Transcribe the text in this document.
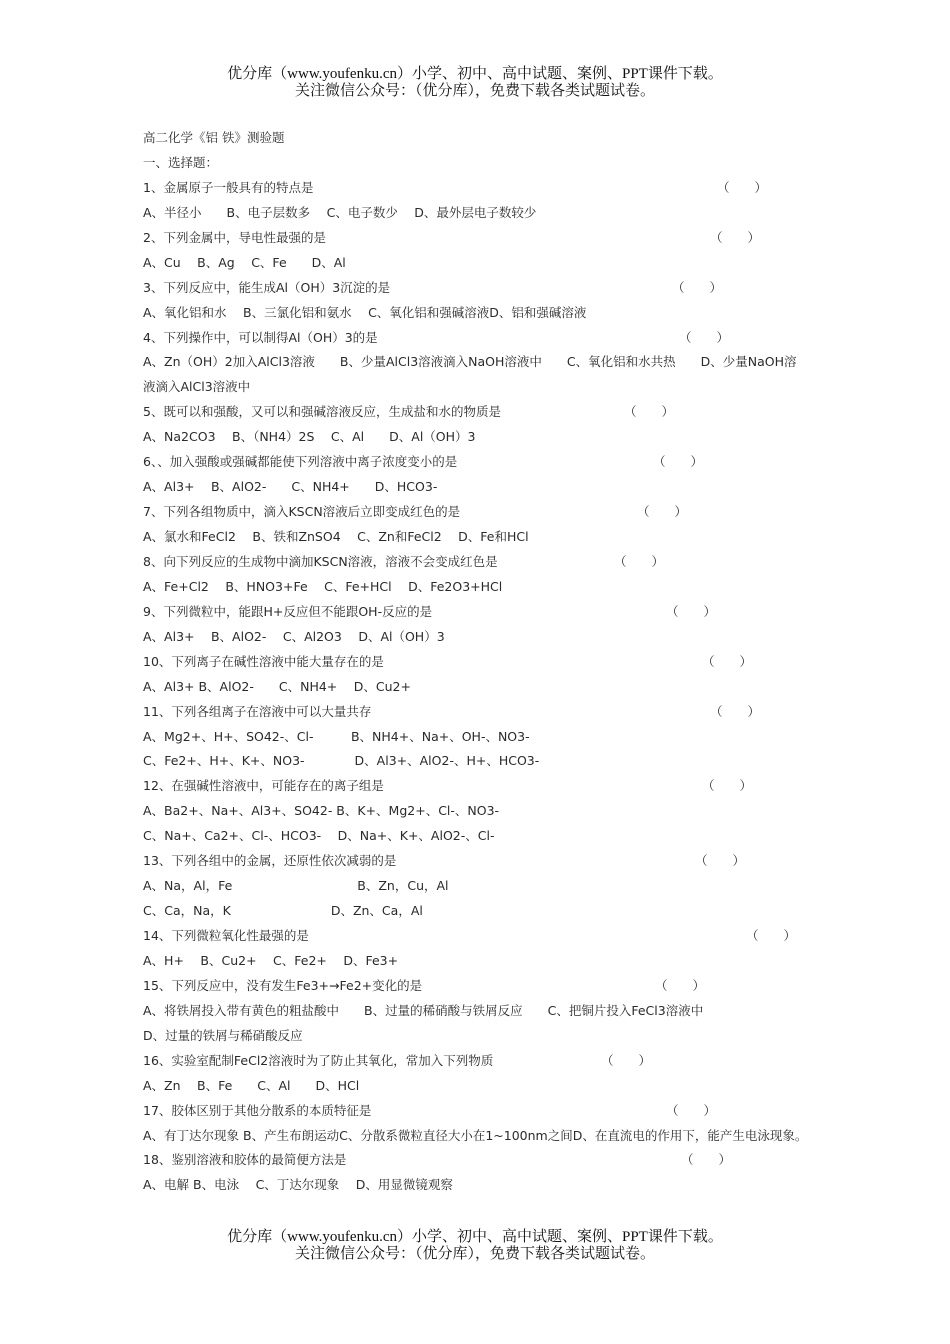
优分库（www.youfenku.cn）小学、初中、高中试题、案例、PPT课件下载。
关注微信公众号：（优分库），免费下载各类试题试卷。
高二化学《铝 铁》测验题
一、选择题：
1、金属原子一般具有的特点是	（　　）
A、半径小　　B、电子层数多　 C、电子数少　 D、最外层电子数较少
2、下列金属中，导电性最强的是	（　　）
A、Cu　 B、Ag　 C、Fe　　D、Al
3、下列反应中，能生成Al（OH）3沉淀的是	（　　）
A、氧化铝和水　 B、三氯化铝和氨水　 C、氧化铝和强碱溶液D、铝和强碱溶液
4、下列操作中，可以制得Al（OH）3的是	（　　）
A、Zn（OH）2加入AlCl3溶液　　B、少量AlCl3溶液滴入NaOH溶液中　　C、氧化铝和水共热　　D、少量NaOH溶液滴入AlCl3溶液中
5、既可以和强酸，又可以和强碱溶液反应，生成盐和水的物质是	（　　）
A、Na2CO3　 B、（NH4）2S　 C、Al　　D、Al（OH）3
6、、加入强酸或强碱都能使下列溶液中离子浓度变小的是	（　　）
A、Al3+　 B、AlO2-　　C、NH4+　　D、HCO3-
7、下列各组物质中，滴入KSCN溶液后立即变成红色的是	（　　）
A、氯水和FeCl2　 B、铁和ZnSO4　 C、Zn和FeCl2　 D、Fe和HCl
8、向下列反应的生成物中滴加KSCN溶液，溶液不会变成红色是	（　　）
A、Fe+Cl2　 B、HNO3+Fe　 C、Fe+HCl　 D、Fe2O3+HCl
9、下列微粒中，能跟H+反应但不能跟OH-反应的是	（　　）
A、Al3+　 B、AlO2-　 C、Al2O3　 D、Al（OH）3
10、下列离子在碱性溶液中能大量存在的是	（　　）
A、Al3+ B、AlO2-　　C、NH4+　 D、Cu2+
11、下列各组离子在溶液中可以大量共存	（　　）
A、Mg2+、H+、SO42-、Cl-　　　B、NH4+、Na+、OH-、NO3-
C、Fe2+、H+、K+、NO3-　　　　D、Al3+、AlO2-、H+、HCO3-
12、在强碱性溶液中，可能存在的离子组是	（　　）
A、Ba2+、Na+、Al3+、SO42- B、K+、Mg2+、Cl-、NO3-
C、Na+、Ca2+、Cl-、HCO3-　 D、Na+、K+、AlO2-、Cl-
13、下列各组中的金属，还原性依次减弱的是	（　　）
A、Na，Al，Fe　　　　　　　　　　B、Zn，Cu，Al
C、Ca，Na，K　　　　　　　　D、Zn、Ca，Al
14、下列微粒氧化性最强的是	（　　）
A、H+　 B、Cu2+　 C、Fe2+　 D、Fe3+
15、下列反应中，没有发生Fe3+→Fe2+变化的是	（　　）
A、将铁屑投入带有黄色的粗盐酸中　　B、过量的稀硝酸与铁屑反应　　C、把铜片投入FeCl3溶液中
D、过量的铁屑与稀硝酸反应
16、实验室配制FeCl2溶液时为了防止其氧化，常加入下列物质	（　　）
A、Zn　 B、Fe　　C、Al　　D、HCl
17、胶体区别于其他分散系的本质特征是	（　　）
A、有丁达尔现象 B、产生布朗运动C、分散系微粒直径大小在1~100nm之间D、在直流电的作用下，能产生电泳现象。
18、鉴别溶液和胶体的最简便方法是	（　　）
A、电解 B、电泳　 C、丁达尔现象　 D、用显微镜观察
优分库（www.youfenku.cn）小学、初中、高中试题、案例、PPT课件下载。
关注微信公众号：（优分库），免费下载各类试题试卷。
